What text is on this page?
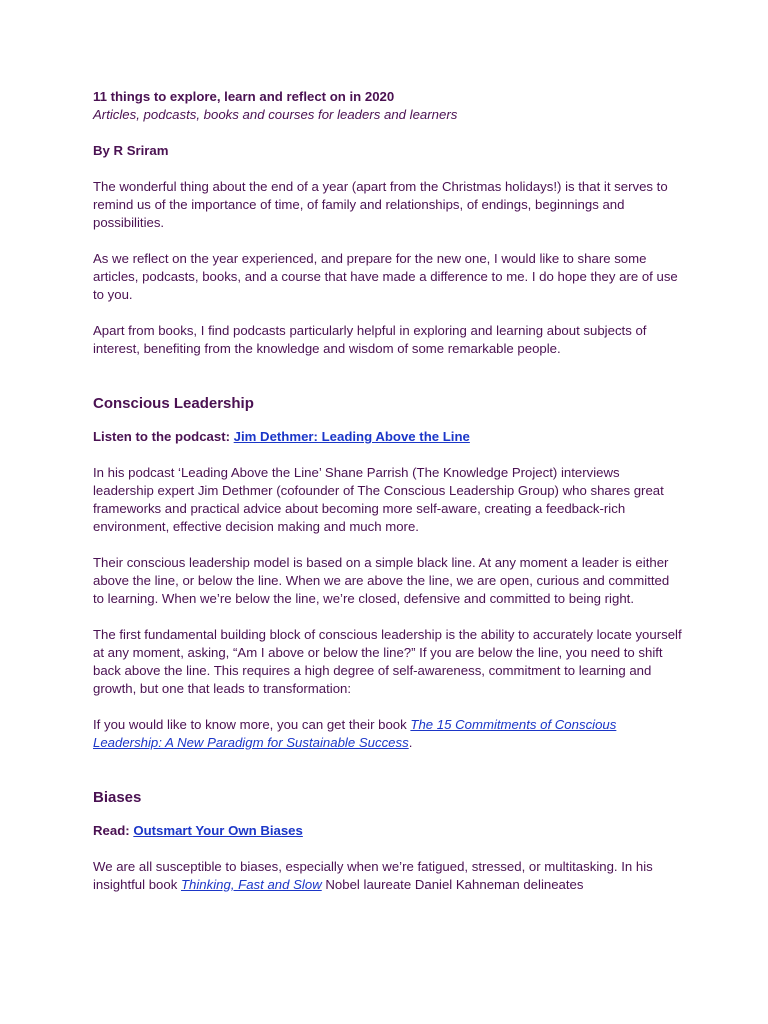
11 things to explore, learn and reflect on in 2020

Articles, podcasts, books and courses for leaders and learners

By R Sriram

The wonderful thing about the end of a year (apart from the Christmas holidays!) is that it serves to remind us of the importance of time, of family and relationships, of endings, beginnings and possibilities.

As we reflect on the year experienced, and prepare for the new one, I would like to share some articles, podcasts, books, and a course that have made a difference to me. I do hope they are of use to you.

Apart from books, I find podcasts particularly helpful in exploring and learning about subjects of interest, benefiting from the knowledge and wisdom of some remarkable people.

Conscious Leadership

Listen to the podcast: Jim Dethmer: Leading Above the Line

In his podcast ‘Leading Above the Line’ Shane Parrish (The Knowledge Project) interviews leadership expert Jim Dethmer (cofounder of The Conscious Leadership Group) who shares great frameworks and practical advice about becoming more self-aware, creating a feedback-rich environment, effective decision making and much more.

Their conscious leadership model is based on a simple black line. At any moment a leader is either above the line, or below the line. When we are above the line, we are open, curious and committed to learning. When we’re below the line, we’re closed, defensive and committed to being right.

The first fundamental building block of conscious leadership is the ability to accurately locate yourself at any moment, asking, “Am I above or below the line?” If you are below the line, you need to shift back above the line. This requires a high degree of self-awareness, commitment to learning and growth, but one that leads to transformation:

If you would like to know more, you can get their book The 15 Commitments of Conscious Leadership: A New Paradigm for Sustainable Success.

Biases

Read: Outsmart Your Own Biases

We are all susceptible to biases, especially when we’re fatigued, stressed, or multitasking. In his insightful book Thinking, Fast and Slow Nobel laureate Daniel Kahneman delineates
